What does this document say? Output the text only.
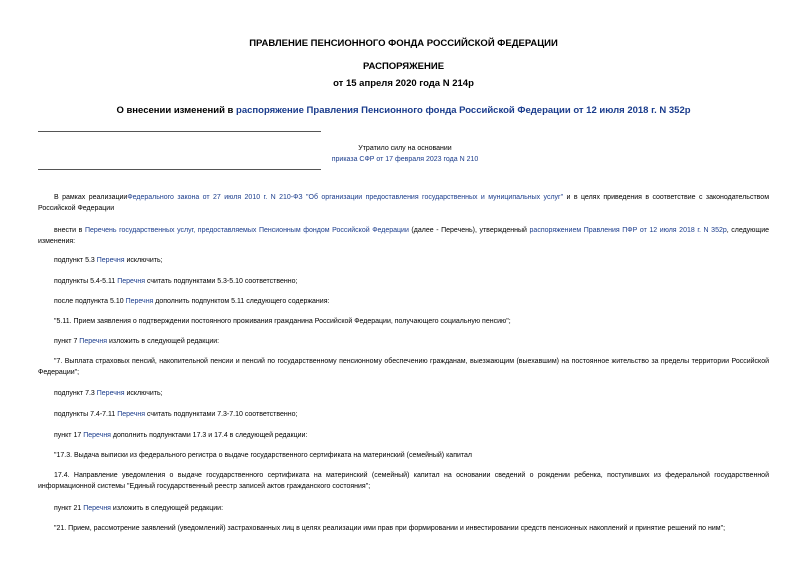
ПРАВЛЕНИЕ ПЕНСИОННОГО ФОНДА РОССИЙСКОЙ ФЕДЕРАЦИИ
РАСПОРЯЖЕНИЕ
от 15 апреля 2020 года N 214р
О внесении изменений в распоряжение Правления Пенсионного фонда Российской Федерации от 12 июля 2018 г. N 352р
Утратило силу на основании
приказа СФР от 17 февраля 2023 года N 210
В рамках реализацииФедерального закона от 27 июля 2010 г. N 210-ФЗ "Об организации предоставления государственных и муниципальных услуг" и в целях приведения в соответствие с законодательством Российской Федерации
внести в Перечень государственных услуг, предоставляемых Пенсионным фондом Российской Федерации (далее - Перечень), утвержденный распоряжением Правления ПФР от 12 июля 2018 г. N 352р, следующие изменения:
подпункт 5.3 Перечня исключить;
подпункты 5.4-5.11 Перечня считать подпунктами 5.3-5.10 соответственно;
после подпункта 5.10 Перечня дополнить подпунктом 5.11 следующего содержания:
"5.11. Прием заявления о подтверждении постоянного проживания гражданина Российской Федерации, получающего социальную пенсию";
пункт 7 Перечня изложить в следующей редакции:
"7. Выплата страховых пенсий, накопительной пенсии и пенсий по государственному пенсионному обеспечению гражданам, выезжающим (выехавшим) на постоянное жительство за пределы территории Российской Федерации";
подпункт 7.3 Перечня исключить;
подпункты 7.4-7.11 Перечня считать подпунктами 7.3-7.10 соответственно;
пункт 17 Перечня дополнить подпунктами 17.3 и 17.4 в следующей редакции:
"17.3. Выдача выписки из федерального регистра о выдаче государственного сертификата на материнский (семейный) капитал
17.4. Направление уведомления о выдаче государственного сертификата на материнский (семейный) капитал на основании сведений о рождении ребенка, поступивших из федеральной государственной информационной системы "Единый государственный реестр записей актов гражданского состояния";
пункт 21 Перечня изложить в следующей редакции:
"21. Прием, рассмотрение заявлений (уведомлений) застрахованных лиц в целях реализации ими прав при формировании и инвестировании средств пенсионных накоплений и принятие решений по ним";
